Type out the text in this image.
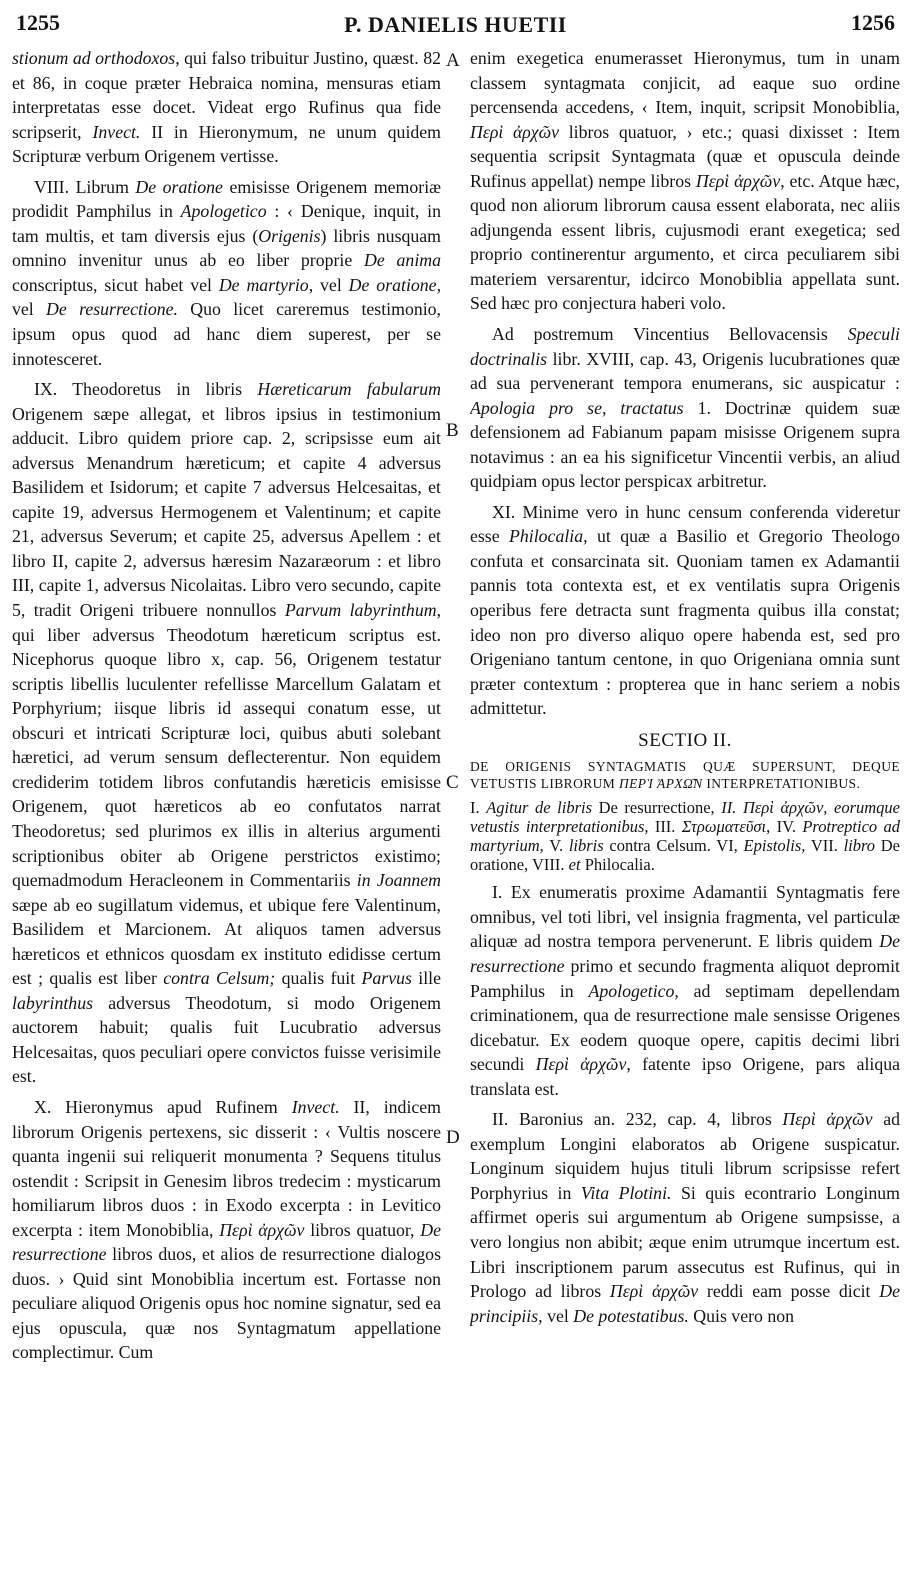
1255	P. DANIELIS HUETII	1256
A
B
C
D

stionum ad orthodoxos, qui falso tribuitur Justino, quæst. 82 et 86, in coque præter Hebraica nomina, mensuras etiam interpretatas esse docet. Videat ergo Rufinus qua fide scripserit, Invect. II in Hieronymum, ne unum quidem Scripturæ verbum Origenem vertisse.

VIII. Librum De oratione emisisse Origenem memoriæ prodidit Pamphilus in Apologetico : ‹ Denique, inquit, in tam multis, et tam diversis ejus (Origenis) libris nusquam omnino invenitur unus ab eo liber proprie De anima conscriptus, sicut habet vel De martyrio, vel De oratione, vel De resurrectione. Quo licet careremus testimonio, ipsum opus quod ad hanc diem superest, per se innotesceret.

IX. Theodoretus in libris Hæreticarum fabularum Origenem sæpe allegat, et libros ipsius in testimonium adducit. Libro quidem priore cap. 2, scripsisse eum ait adversus Menandrum hæreticum; et capite 4 adversus Basilidem et Isidorum; et capite 7 adversus Helcesaitas, et capite 19, adversus Hermogenem et Valentinum; et capite 21, adversus Severum; et capite 25, adversus Apellem : et libro II, capite 2, adversus hæresim Nazaræorum : et libro III, capite 1, adversus Nicolaitas. Libro vero secundo, capite 5, tradit Origeni tribuere nonnullos Parvum labyrinthum, qui liber adversus Theodotum hæreticum scriptus est. Nicephorus quoque libro x, cap. 56, Origenem testatur scriptis libellis luculenter refellisse Marcellum Galatam et Porphyrium; iisque libris id assequi conatum esse, ut obscuri et intricati Scripturæ loci, quibus abuti solebant hæretici, ad verum sensum deflecterentur. Non equidem crediderim totidem libros confutandis hæreticis emisisse Origenem, quot hæreticos ab eo confutatos narrat Theodoretus; sed plurimos ex illis in alterius argumenti scriptionibus obiter ab Origene perstrictos existimo; quemadmodum Heracleonem in Commentariis in Joannem sæpe ab eo sugillatum videmus, et ubique fere Valentinum, Basilidem et Marcionem. At aliquos tamen adversus hæreticos et ethnicos quosdam ex instituto edidisse certum est ; qualis est liber contra Celsum; qualis fuit Parvus ille labyrinthus adversus Theodotum, si modo Origenem auctorem habuit; qualis fuit Lucubratio adversus Helcesaitas, quos peculiari opere convictos fuisse verisimile est.

X. Hieronymus apud Rufinem Invect. II, indicem librorum Origenis pertexens, sic disserit : ‹ Vultis noscere quanta ingenii sui reliquerit monumenta ? Sequens titulus ostendit : Scripsit in Genesim libros tredecim : mysticarum homiliarum libros duos : in Exodo excerpta : in Levitico excerpta : item Monobiblia, Περὶ ἀρχῶν libros quatuor, De resurrectione libros duos, et alios de resurrectione dialogos duos. › Quid sint Monobiblia incertum est. Fortasse non peculiare aliquod Origenis opus hoc nomine signatur, sed ea ejus opuscula, quæ nos Syntagmatum appellatione complectimur. Cum

enim exegetica enumerasset Hieronymus, tum in unam classem syntagmata conjicit, ad eaque suo ordine percensenda accedens, ‹ Item, inquit, scripsit Monobiblia, Περὶ ἀρχῶν libros quatuor, › etc.; quasi dixisset : Item sequentia scripsit Syntagmata (quæ et opuscula deinde Rufinus appellat) nempe libros Περὶ ἀρχῶν, etc. Atque hæc, quod non aliorum librorum causa essent elaborata, nec aliis adjungenda essent libris, cujusmodi erant exegetica; sed proprio continerentur argumento, et circa peculiarem sibi materiem versarentur, idcirco Monobiblia appellata sunt. Sed hæc pro conjectura haberi volo.

Ad postremum Vincentius Bellovacensis Speculi doctrinalis libr. XVIII, cap. 43, Origenis lucubrationes quæ ad sua pervenerant tempora enumerans, sic auspicatur : Apologia pro se, tractatus 1. Doctrinæ quidem suæ defensionem ad Fabianum papam misisse Origenem supra notavimus : an ea his significetur Vincentii verbis, an aliud quidpiam opus lector perspicax arbitretur.

XI. Minime vero in hunc censum conferenda videretur esse Philocalia, ut quæ a Basilio et Gregorio Theologo confuta et consarcinata sit. Quoniam tamen ex Adamantii pannis tota contexta est, et ex ventilatis supra Origenis operibus fere detracta sunt fragmenta quibus illa constat; ideo non pro diverso aliquo opere habenda est, sed pro Origeniano tantum centone, in quo Origeniana omnia sunt præter contextum : propterea que in hanc seriem a nobis admittetur.

SECTIO II.

DE ORIGENIS SYNTAGMATIS QUÆ SUPERSUNT, DEQUE VETUSTIS LIBRORUM ΠΕΡῚ ἈΡΧΩ͂Ν INTERPRETATIONIBUS.

I. Agitur de libris De resurrectione, II. Περὶ ἀρχῶν, eorumque vetustis interpretationibus, III. Στρωματεῦσι, IV. Protreptico ad martyrium, V. libris contra Celsum. VI, Epistolis, VII. libro De oratione, VIII. et Philocalia.

I. Ex enumeratis proxime Adamantii Syntagmatis fere omnibus, vel toti libri, vel insignia fragmenta, vel particulæ aliquæ ad nostra tempora pervenerunt. E libris quidem De resurrectione primo et secundo fragmenta aliquot depromit Pamphilus in Apologetico, ad septimam depellendam criminationem, qua de resurrectione male sensisse Origenes dicebatur. Ex eodem quoque opere, capitis decimi libri secundi Περὶ ἀρχῶν, fatente ipso Origene, pars aliqua translata est.

II. Baronius an. 232, cap. 4, libros Περὶ ἀρχῶν ad exemplum Longini elaboratos ab Origene suspicatur. Longinum siquidem hujus tituli librum scripsisse refert Porphyrius in Vita Plotini. Si quis econtrario Longinum affirmet operis sui argumentum ab Origene sumpsisse, a vero longius non abibit; æque enim utrumque incertum est. Libri inscriptionem parum assecutus est Rufinus, qui in Prologo ad libros Περὶ ἀρχῶν reddi eam posse dicit De principiis, vel De potestatibus. Quis vero non
